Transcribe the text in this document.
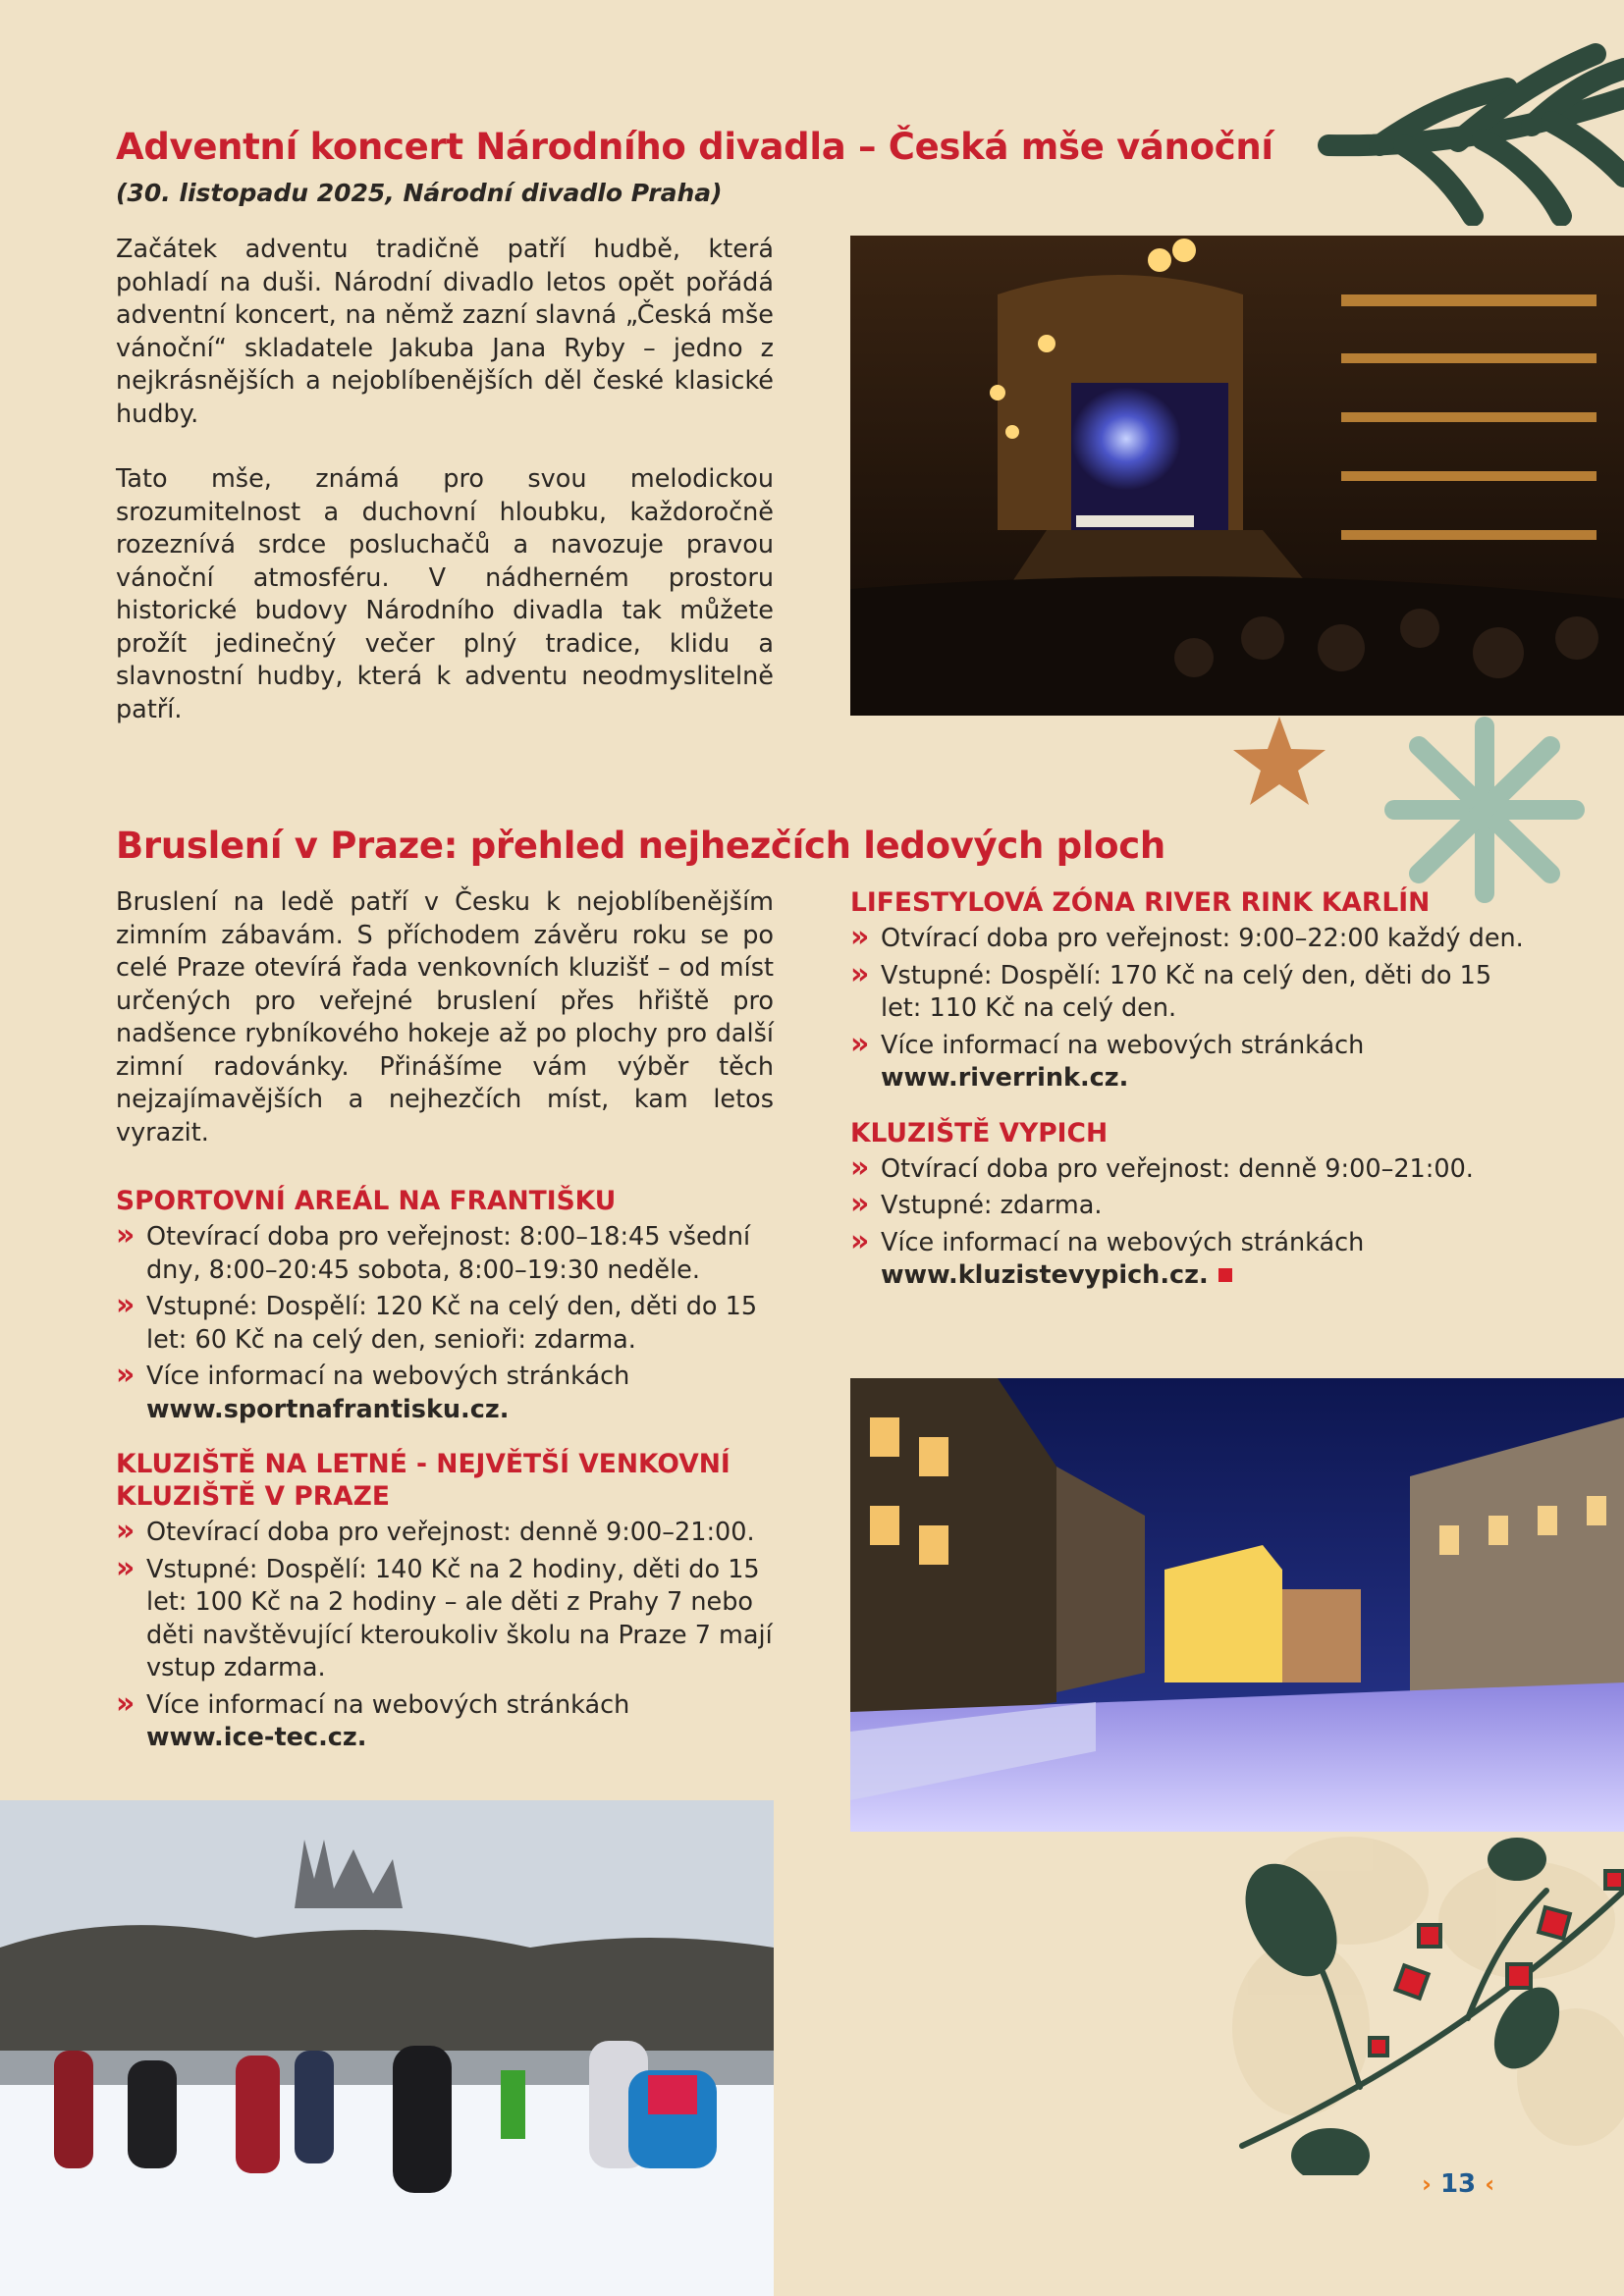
Adventní koncert Národního divadla – Česká mše vánoční
(30. listopadu 2025, Národní divadlo Praha)

Začátek adventu tradičně patří hudbě, která pohladí na duši. Národní divadlo letos opět pořádá adventní koncert, na němž zazní slavná „Česká mše vánoční“ skladatele Jakuba Jana Ryby – jedno z nejkrásnějších a nejoblíbenějších děl české klasické hudby.

Tato mše, známá pro svou melodickou srozumitelnost a duchovní hloubku, každoročně rozeznívá srdce posluchačů a navozuje pravou vánoční atmosféru. V nádherném prostoru historické budovy Národního divadla tak můžete prožít jedinečný večer plný tradice, klidu a slavnostní hudby, která k adventu neodmyslitelně patří.

Bruslení v Praze: přehled nejhezčích ledových ploch

Bruslení na ledě patří v Česku k nejoblíbenějším zimním zábavám. S příchodem závěru roku se po celé Praze otevírá řada venkovních kluzišť – od míst určených pro veřejné bruslení přes hřiště pro nadšence rybníkového hokeje až po plochy pro další zimní radovánky. Přinášíme vám výběr těch nejzajímavějších a nejhezčích míst, kam letos vyrazit.

SPORTOVNÍ AREÁL NA FRANTIŠKU
» Otevírací doba pro veřejnost: 8:00–18:45 všední dny, 8:00–20:45 sobota, 8:00–19:30 neděle.
» Vstupné: Dospělí: 120 Kč na celý den, děti do 15 let: 60 Kč na celý den, senioři: zdarma.
» Více informací na webových stránkách
www.sportnafrantisku.cz.
KLUZIŠTĚ NA LETNÉ - NEJVĚTŠÍ VENKOVNÍ KLUZIŠTĚ V PRAZE
» Otevírací doba pro veřejnost: denně 9:00–21:00.
» Vstupné: Dospělí: 140 Kč na 2 hodiny, děti do 15 let: 100 Kč na 2 hodiny – ale děti z Prahy 7 nebo děti navštěvující kteroukoliv školu na Praze 7 mají vstup zdarma.
» Více informací na webových stránkách
www.ice-tec.cz.
LIFESTYLOVÁ ZÓNA RIVER RINK KARLÍN
» Otvírací doba pro veřejnost: 9:00–22:00 každý den.
» Vstupné: Dospělí: 170 Kč na celý den, děti do 15 let: 110 Kč na celý den.
» Více informací na webových stránkách
www.riverrink.cz.
KLUZIŠTĚ VYPICH
» Otvírací doba pro veřejnost: denně 9:00–21:00.
» Vstupné: zdarma.
» Více informací na webových stránkách
www.kluzistevypich.cz.
› 13 ‹
